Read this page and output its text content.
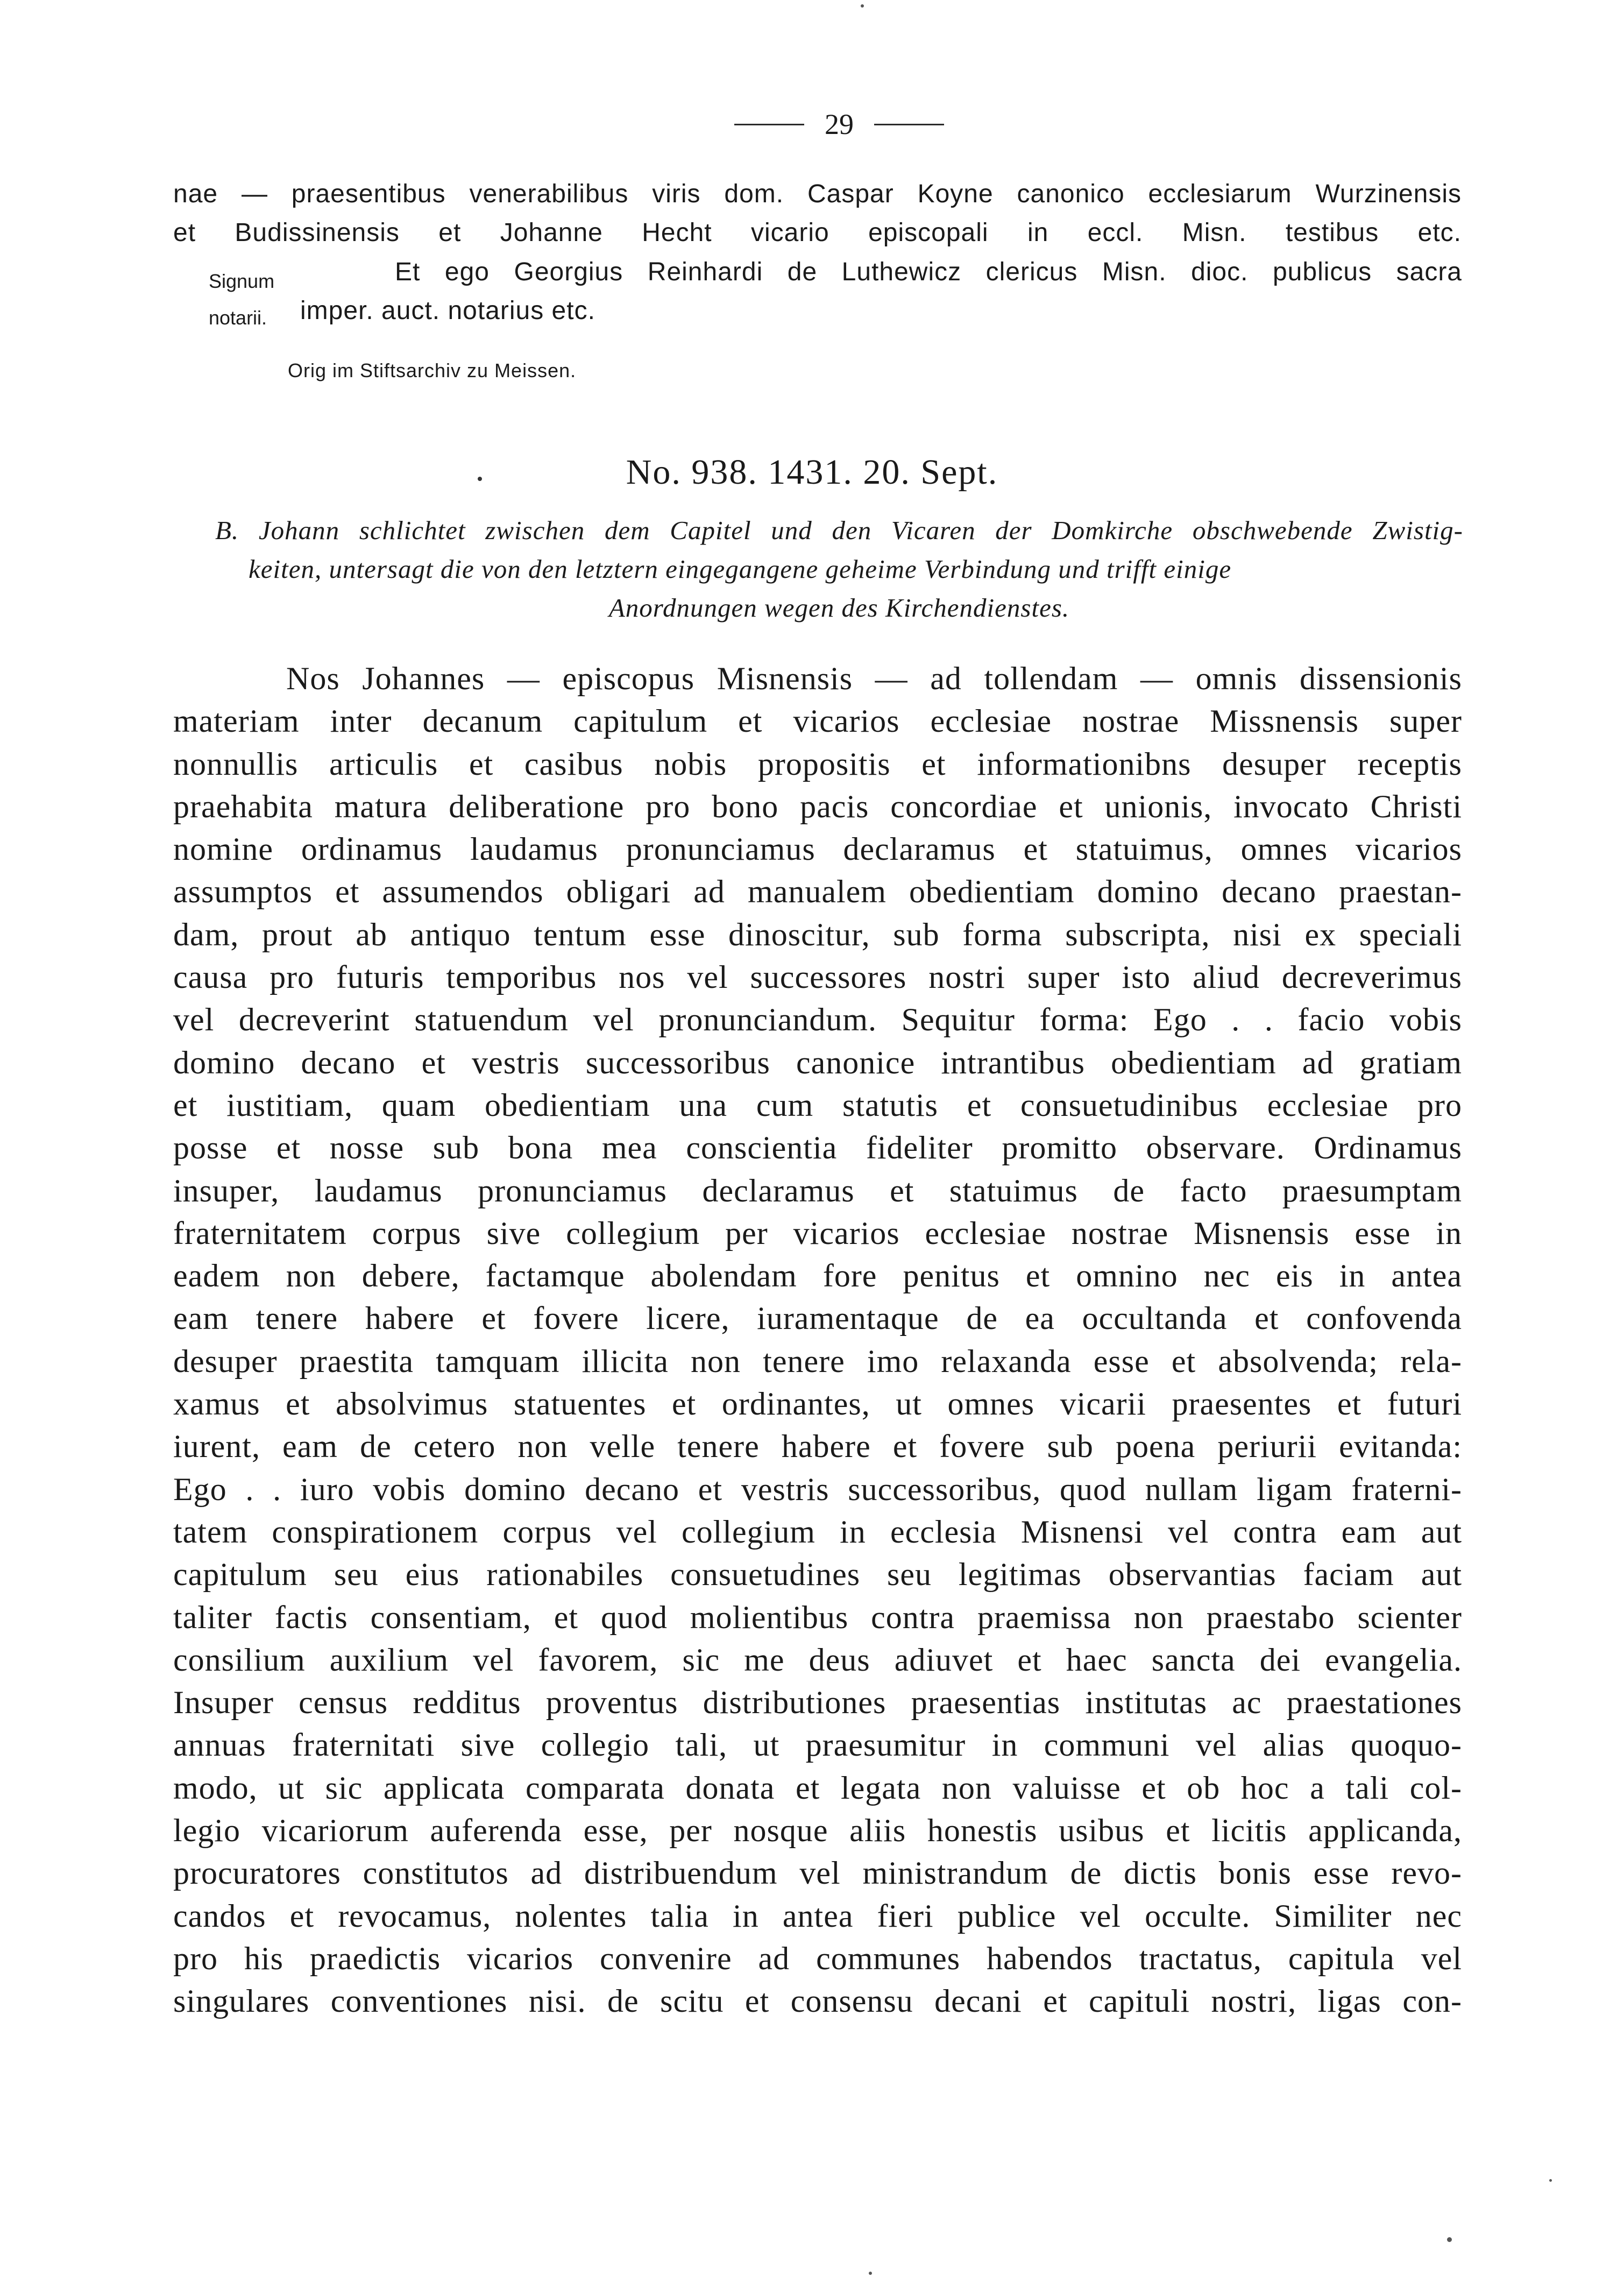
29
nae — praesentibus venerabilibus viris dom. Caspar Koyne canonico ecclesiarum Wurzinensis
et Budissinensis et Johanne Hecht vicario episcopali in eccl. Misn. testibus etc.
Signum
notarii.
Et ego Georgius Reinhardi de Luthewicz clericus Misn. dioc. publicus sacra
imper. auct. notarius etc.
Orig im Stiftsarchiv zu Meissen.
No. 938. 1431. 20. Sept.
B. Johann schlichtet zwischen dem Capitel und den Vicaren der Domkirche obschwebende Zwistig-
keiten, untersagt die von den letztern eingegangene geheime Verbindung und trifft einige
Anordnungen wegen des Kirchendienstes.
Nos Johannes — episcopus Misnensis — ad tollendam — omnis dissensionis
materiam inter decanum capitulum et vicarios ecclesiae nostrae Missnensis super
nonnullis articulis et casibus nobis propositis et informationibns desuper receptis
praehabita matura deliberatione pro bono pacis concordiae et unionis, invocato Christi
nomine ordinamus laudamus pronunciamus declaramus et statuimus, omnes vicarios
assumptos et assumendos obligari ad manualem obedientiam domino decano praestan-
dam, prout ab antiquo tentum esse dinoscitur, sub forma subscripta, nisi ex speciali
causa pro futuris temporibus nos vel successores nostri super isto aliud decreverimus
vel decreverint statuendum vel pronunciandum. Sequitur forma: Ego . . facio vobis
domino decano et vestris successoribus canonice intrantibus obedientiam ad gratiam
et iustitiam, quam obedientiam una cum statutis et consuetudinibus ecclesiae pro
posse et nosse sub bona mea conscientia fideliter promitto observare. Ordinamus
insuper, laudamus pronunciamus declaramus et statuimus de facto praesumptam
fraternitatem corpus sive collegium per vicarios ecclesiae nostrae Misnensis esse in
eadem non debere, factamque abolendam fore penitus et omnino nec eis in antea
eam tenere habere et fovere licere, iuramentaque de ea occultanda et confovenda
desuper praestita tamquam illicita non tenere imo relaxanda esse et absolvenda; rela-
xamus et absolvimus statuentes et ordinantes, ut omnes vicarii praesentes et futuri
iurent, eam de cetero non velle tenere habere et fovere sub poena periurii evitanda:
Ego . . iuro vobis domino decano et vestris successoribus, quod nullam ligam fraterni-
tatem conspirationem corpus vel collegium in ecclesia Misnensi vel contra eam aut
capitulum seu eius rationabiles consuetudines seu legitimas observantias faciam aut
taliter factis consentiam, et quod molientibus contra praemissa non praestabo scienter
consilium auxilium vel favorem, sic me deus adiuvet et haec sancta dei evangelia.
Insuper census redditus proventus distributiones praesentias institutas ac praestationes
annuas fraternitati sive collegio tali, ut praesumitur in communi vel alias quoquo-
modo, ut sic applicata comparata donata et legata non valuisse et ob hoc a tali col-
legio vicariorum auferenda esse, per nosque aliis honestis usibus et licitis applicanda,
procuratores constitutos ad distribuendum vel ministrandum de dictis bonis esse revo-
candos et revocamus, nolentes talia in antea fieri publice vel occulte. Similiter nec
pro his praedictis vicarios convenire ad communes habendos tractatus, capitula vel
singulares conventiones nisi. de scitu et consensu decani et capituli nostri, ligas con-
